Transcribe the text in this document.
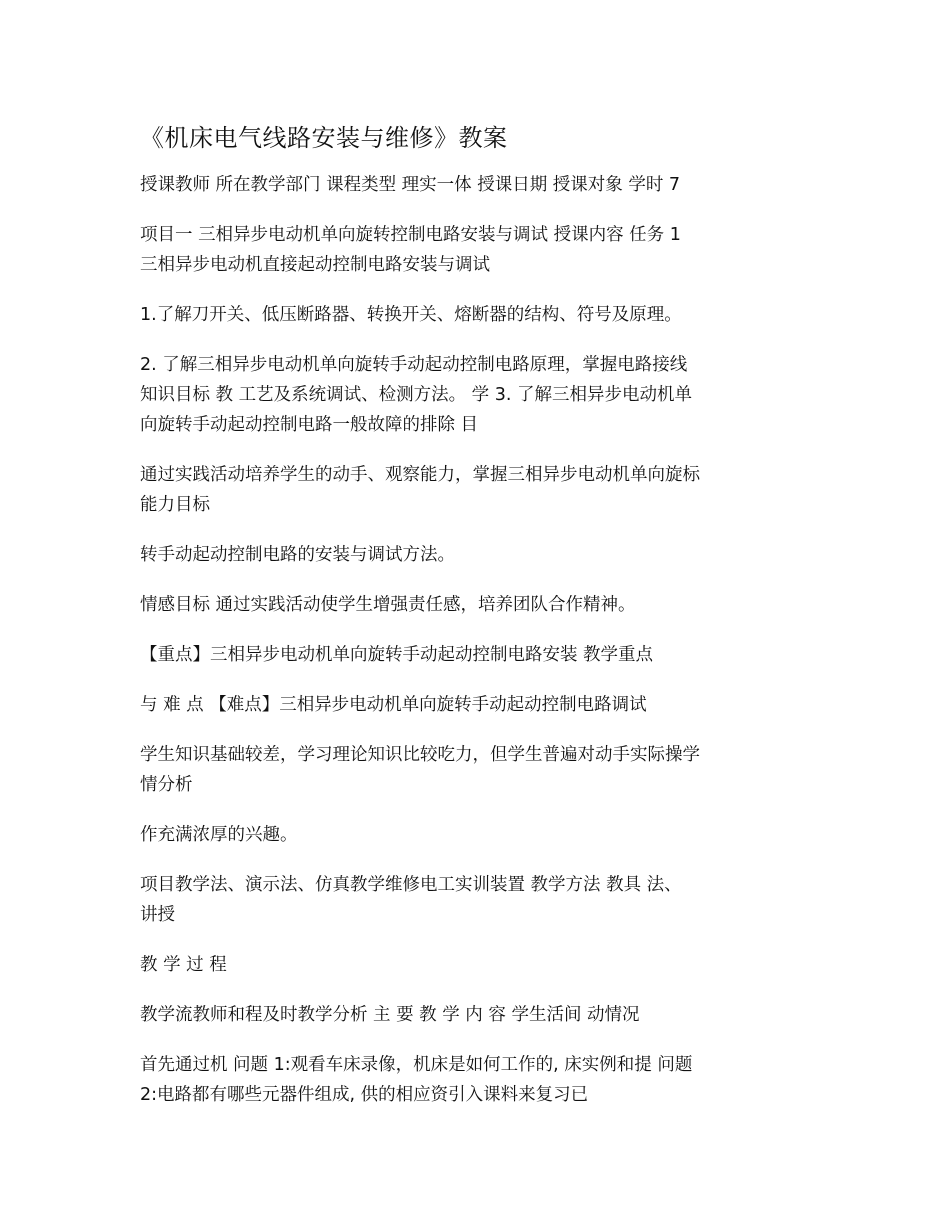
《机床电气线路安装与维修》教案
授课教师 所在教学部门 课程类型 理实一体 授课日期 授课对象 学时 7
项目一 三相异步电动机单向旋转控制电路安装与调试 授课内容 任务 1
三相异步电动机直接起动控制电路安装与调试
1.了解刀开关、低压断路器、转换开关、熔断器的结构、符号及原理。
2. 了解三相异步电动机单向旋转手动起动控制电路原理，掌握电路接线
知识目标 教 工艺及系统调试、检测方法。 学 3. 了解三相异步电动机单
向旋转手动起动控制电路一般故障的排除 目
通过实践活动培养学生的动手、观察能力，掌握三相异步电动机单向旋标
能力目标
转手动起动控制电路的安装与调试方法。
情感目标 通过实践活动使学生增强责任感，培养团队合作精神。
【重点】三相异步电动机单向旋转手动起动控制电路安装 教学重点
与 难 点 【难点】三相异步电动机单向旋转手动起动控制电路调试
学生知识基础较差，学习理论知识比较吃力，但学生普遍对动手实际操学
情分析
作充满浓厚的兴趣。
项目教学法、演示法、仿真教学维修电工实训装置 教学方法 教具 法、
讲授
教 学 过 程
教学流教师和程及时教学分析 主 要 教 学 内 容 学生活间 动情况
首先通过机 问题 1:观看车床录像，机床是如何工作的, 床实例和提 问题
2:电路都有哪些元器件组成, 供的相应资引入课料来复习已
